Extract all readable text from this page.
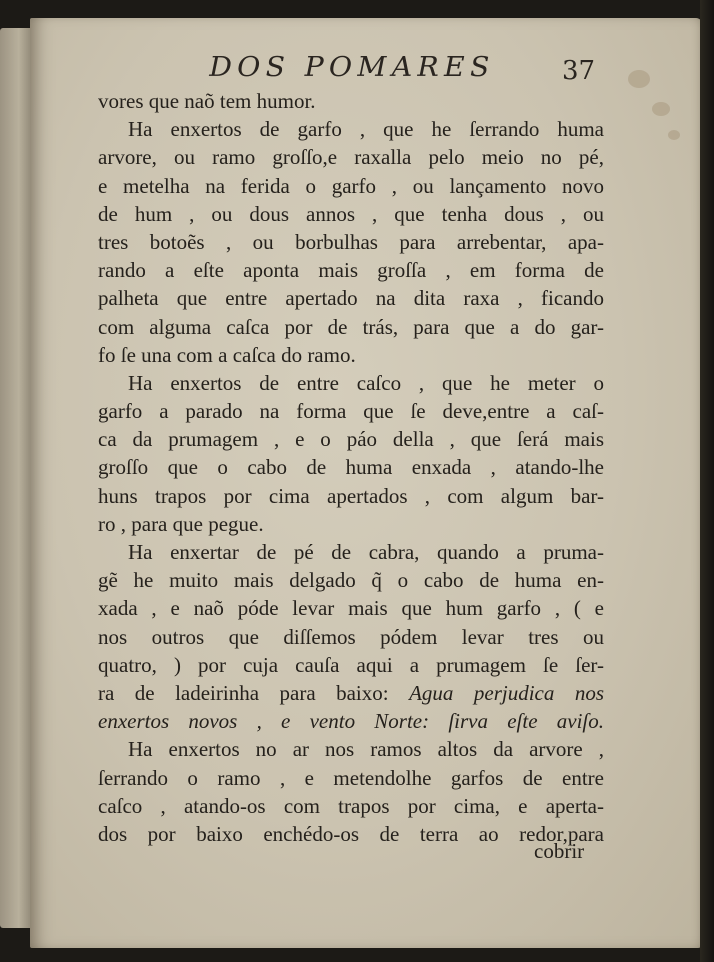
DOS POMARES	37
vores que naõ tem humor.
Ha enxertos de garfo , que he ſerrando huma
arvore, ou ramo groſſo,e raxalla pelo meio no pé,
e metelha na ferida o garfo , ou lançamento novo
de hum , ou dous annos , que tenha dous , ou
tres botoẽs , ou borbulhas para arrebentar, apa-
rando a eſte aponta mais groſſa , em forma de
palheta que entre apertado na dita raxa , ficando
com alguma caſca por de trás, para que a do gar-
fo ſe una com a caſca do ramo.
Ha enxertos de entre caſco , que he meter o
garfo a parado na forma que ſe deve,entre a caſ-
ca da prumagem , e o páo della , que ſerá mais
groſſo que o cabo de huma enxada , atando-lhe
huns trapos por cima apertados , com algum bar-
ro , para que pegue.
Ha enxertar de pé de cabra, quando a pruma-
gẽ he muito mais delgado q̃ o cabo de huma en-
xada , e naõ póde levar mais que hum garfo , ( e
nos outros que diſſemos pódem levar tres ou
quatro, ) por cuja cauſa aqui a prumagem ſe ſer-
ra de ladeirinha para baixo: Agua perjudica nos
enxertos novos , e vento Norte: ſirva eſte aviſo.
Ha enxertos no ar nos ramos altos da arvore ,
ſerrando o ramo , e metendolhe garfos de entre
caſco , atando-os com trapos por cima, e aperta-
dos por baixo enchédo-os de terra ao redor,para
cobrir
